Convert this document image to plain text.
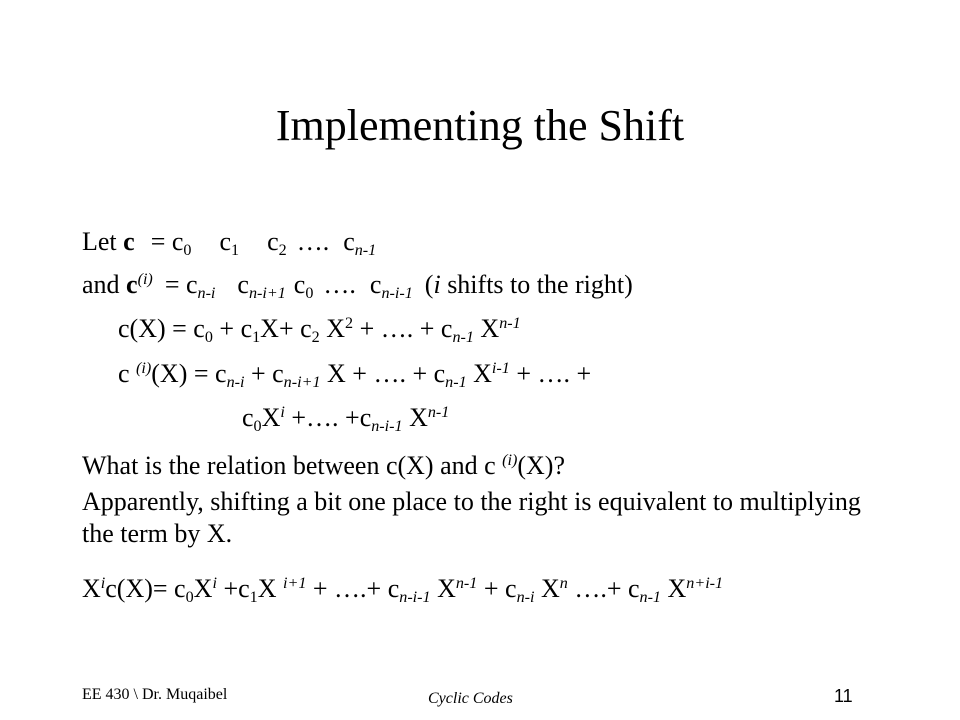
Implementing the Shift
Let $c = c_0$ $c_1$ $c_2$ …. $c_{n-1}$
and $c^{(i)} = c_{n-i}$ $c_{n-i+1}$ $c_0$ …. $c_{n-i-1}$ (i shifts to the right)
$c(X) = c_0 + c_1X+ c_2$ $X^2$ + …. + $c_{n-1}$ $X^{n-1}$
c $^{(i)}(X) = c_{n-i} + c_{n-i+1}$ X + …. + $c_{n-1}$ $X^{i-1}$ + …. +
$c_0X^i$ +…. $+c_{n-i-1}$ $X^{n-1}$
What is the relation between c(X) and c $^{(i)}$(X)?
Apparently, shifting a bit one place to the right is equivalent to multiplying the term by X.
$X^ic(X)= c_0X^i +c_1X$ $^{i+1}$ + ….+ $c_{n-i-1}$ $X^{n-1} + c_{n-i}$ $X^n$ ….+ $c_{n-1}$ $X^{n+i-1}$
EE 430 \ Dr. Muqaibel	Cyclic Codes	11
